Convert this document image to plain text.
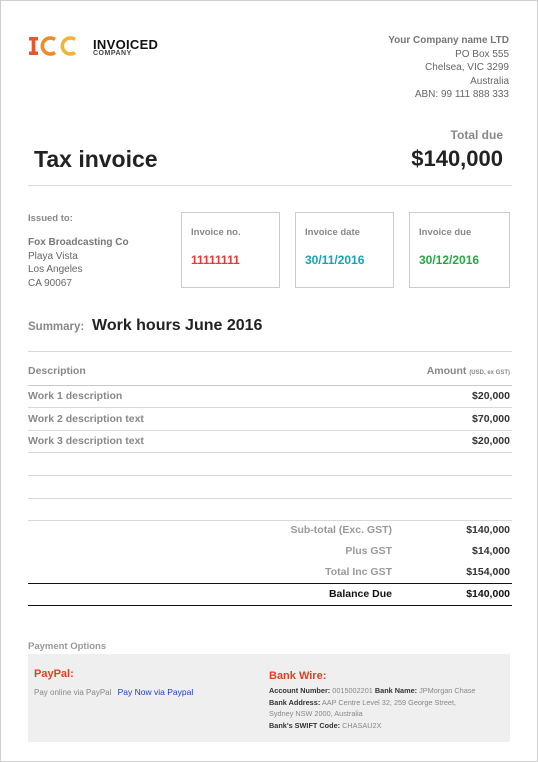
INVOICED
COMPANY
Your Company name LTD
PO Box 555
Chelsea, VIC 3299
Australia
ABN: 99 111 888 333
Total due
Tax invoice	$140,000
Issued to:
Fox Broadcasting Co
Playa Vista
Los Angeles
CA 90067
Invoice no.
11111111
Invoice date
30/11/2016
Invoice due
30/12/2016
Summary: Work hours June 2016
Description	Amount (USD, ex GST)
Work 1 description	$20,000
Work 2 description text	$70,000
Work 3 description text	$20,000
Sub-total (Exc. GST)	$140,000
Plus GST	$14,000
Total Inc GST	$154,000
Balance Due	$140,000
Payment Options
PayPal:
Pay online via PayPal Pay Now via Paypal
Bank Wire:
Account Number: 0015002201 Bank Name: JPMorgan Chase
Bank Address: AAP Centre Level 32, 259 George Street,
Sydney NSW 2000, Australia
Bank's SWIFT Code: CHASAU2X
